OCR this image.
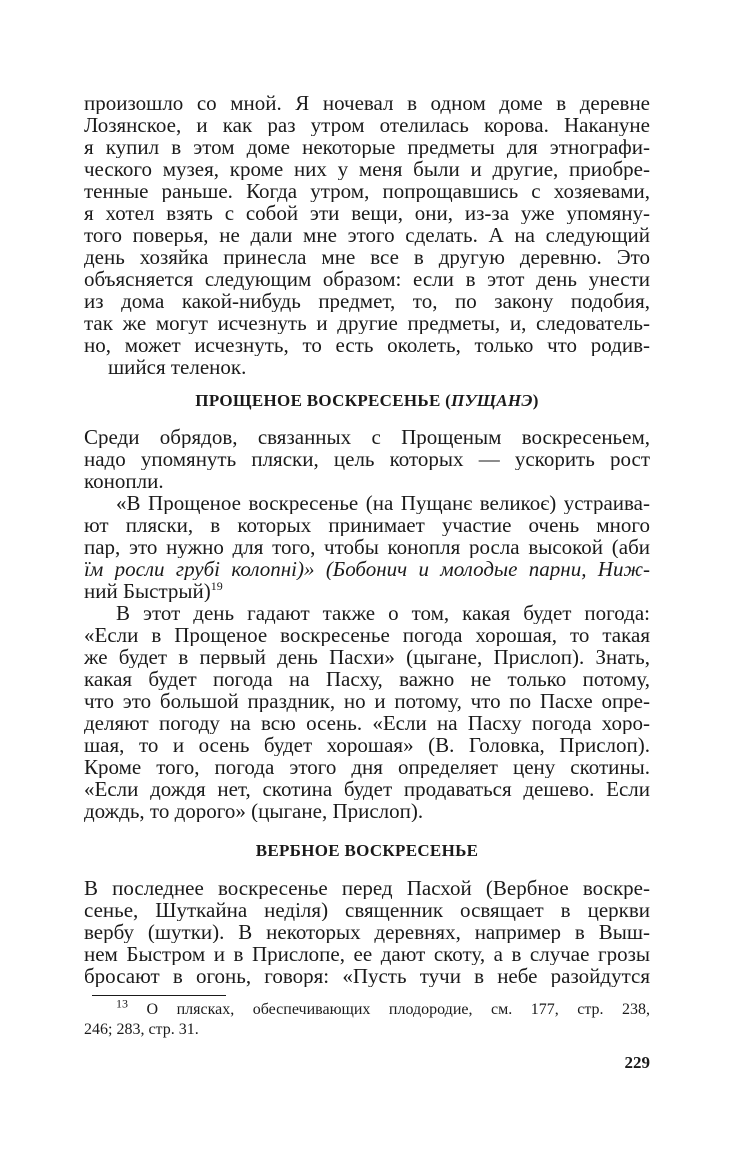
произошло со мной. Я ночевал в одном доме в деревне
Лозянское, и как раз утром отелилась корова. Накануне
я купил в этом доме некоторые предметы для этнографи-
ческого музея, кроме них у меня были и другие, приобре-
тенные раньше. Когда утром, попрощавшись с хозяевами,
я хотел взять с собой эти вещи, они, из-за уже упомяну-
того поверья, не дали мне этого сделать. А на следующий
день хозяйка принесла мне все в другую деревню. Это
объясняется следующим образом: если в этот день унести
из дома какой-нибудь предмет, то, по закону подобия,
так же могут исчезнуть и другие предметы, и, следователь-
но, может исчезнуть, то есть околеть, только что родив-
шийся теленок.
ПРОЩЕНОЕ ВОСКРЕСЕНЬЕ (ПУЩАНЭ)
Среди обрядов, связанных с Прощеным воскресеньем,
надо упомянуть пляски, цель которых — ускорить рост
конопли.
«В Прощеное воскресенье (на Пущанє великоє) устраива-
ют пляски, в которых принимает участие очень много
пар, это нужно для того, чтобы конопля росла высокой (аби
їм росли грубі колопні)» (Бобонич и молодые парни, Ниж-
ний Быстрый)$^{19}$
В этот день гадают также о том, какая будет погода:
«Если в Прощеное воскресенье погода хорошая, то такая
же будет в первый день Пасхи» (цыгане, Прислоп). Знать,
какая будет погода на Пасху, важно не только потому,
что это большой праздник, но и потому, что по Пасхе опре-
деляют погоду на всю осень. «Если на Пасху погода хоро-
шая, то и осень будет хорошая» (В. Головка, Прислоп).
Кроме того, погода этого дня определяет цену скотины.
«Если дождя нет, скотина будет продаваться дешево. Если
дождь, то дорого» (цыгане, Прислоп).
ВЕРБНОЕ ВОСКРЕСЕНЬЕ
В последнее воскресенье перед Пасхой (Вербное воскре-
сенье, Шуткайна неділя) священник освящает в церкви
вербу (шутки). В некоторых деревнях, например в Выш-
нем Быстром и в Прислопе, ее дают скоту, а в случае грозы
бросают в огонь, говоря: «Пусть тучи в небе разойдутся
$^{13}$ О плясках, обеспечивающих плодородие, см. 177, стр. 238,
246; 283, стр. 31.
229
